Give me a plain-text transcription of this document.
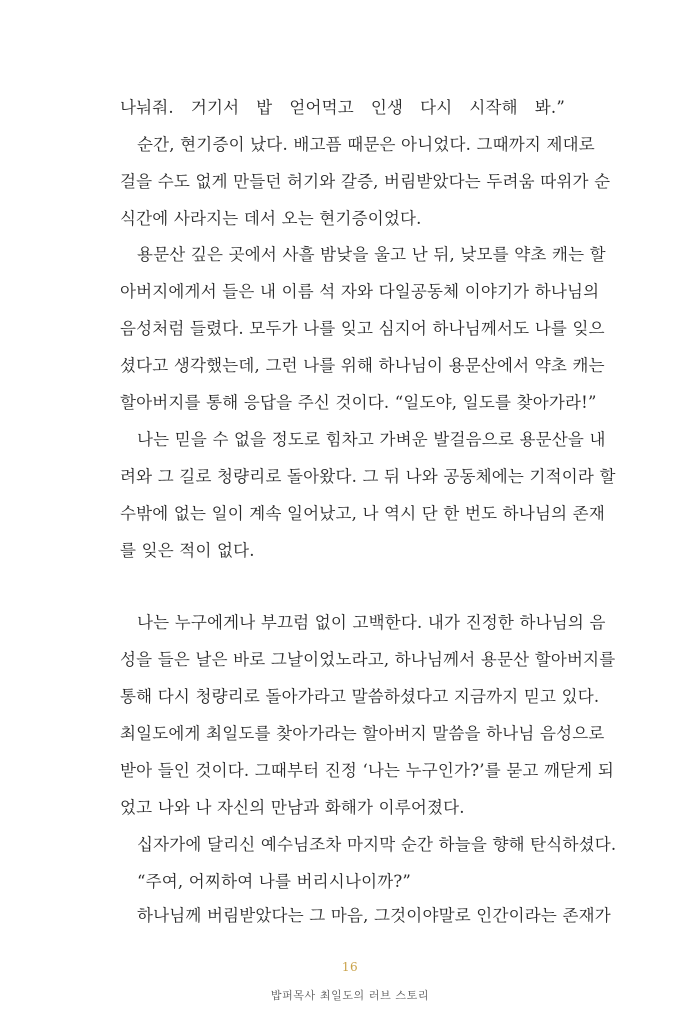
나눠줘. 거기서 밥 얻어먹고 인생 다시 시작해 봐.”
순간, 현기증이 났다. 배고픔 때문은 아니었다. 그때까지 제대로
걸을 수도 없게 만들던 허기와 갈증, 버림받았다는 두려움 따위가 순
식간에 사라지는 데서 오는 현기증이었다.
용문산 깊은 곳에서 사흘 밤낮을 울고 난 뒤, 낮모를 약초 캐는 할
아버지에게서 들은 내 이름 석 자와 다일공동체 이야기가 하나님의
음성처럼 들렸다. 모두가 나를 잊고 심지어 하나님께서도 나를 잊으
셨다고 생각했는데, 그런 나를 위해 하나님이 용문산에서 약초 캐는
할아버지를 통해 응답을 주신 것이다. “일도야, 일도를 찾아가라!”
나는 믿을 수 없을 정도로 힘차고 가벼운 발걸음으로 용문산을 내
려와 그 길로 청량리로 돌아왔다. 그 뒤 나와 공동체에는 기적이라 할
수밖에 없는 일이 계속 일어났고, 나 역시 단 한 번도 하나님의 존재
를 잊은 적이 없다.
나는 누구에게나 부끄럼 없이 고백한다. 내가 진정한 하나님의 음
성을 들은 날은 바로 그날이었노라고, 하나님께서 용문산 할아버지를
통해 다시 청량리로 돌아가라고 말씀하셨다고 지금까지 믿고 있다.
최일도에게 최일도를 찾아가라는 할아버지 말씀을 하나님 음성으로
받아 들인 것이다. 그때부터 진정 ‘나는 누구인가?’를 묻고 깨닫게 되
었고 나와 나 자신의 만남과 화해가 이루어졌다.
십자가에 달리신 예수님조차 마지막 순간 하늘을 향해 탄식하셨다.
“주여, 어찌하여 나를 버리시나이까?”
하나님께 버림받았다는 그 마음, 그것이야말로 인간이라는 존재가
16
밥퍼목사 최일도의 러브 스토리
